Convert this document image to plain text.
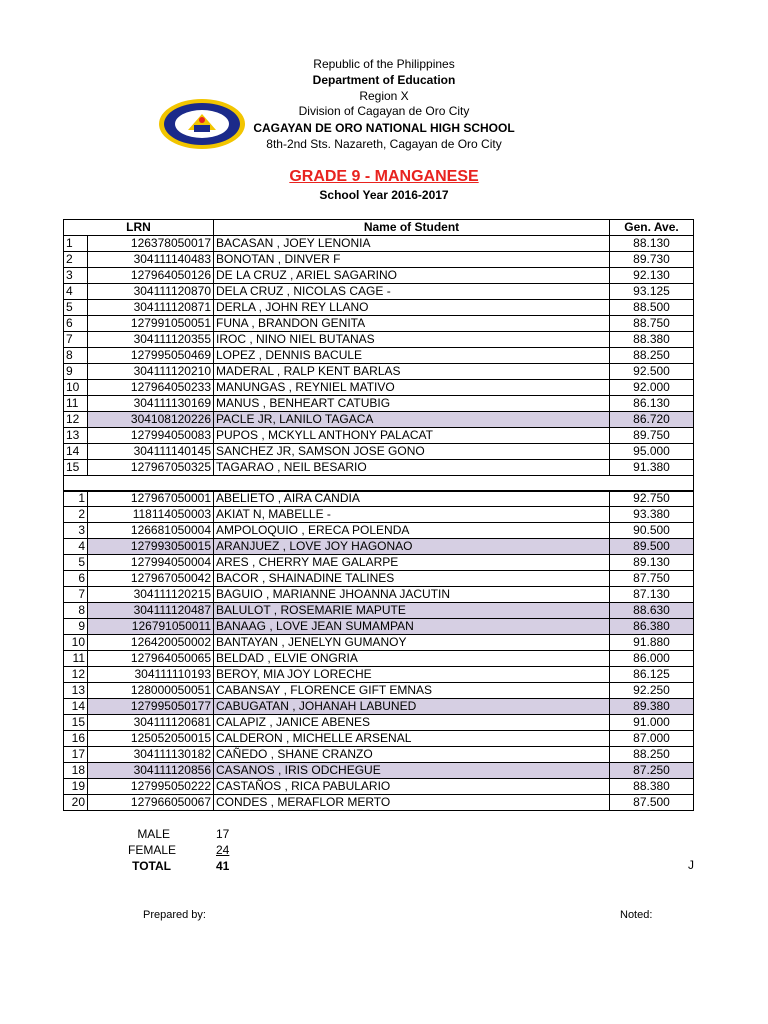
Republic of the Philippines
Department of Education
Region X
Division of Cagayan de Oro City
CAGAYAN DE ORO NATIONAL HIGH SCHOOL
8th-2nd Sts. Nazareth, Cagayan de Oro City
GRADE 9 - MANGANESE
School Year 2016-2017
LRN		Name of Student	Gen. Ave.
1	126378050017	BACASAN , JOEY LENONIA	88.130
2	304111140483	BONOTAN , DINVER F	89.730
3	127964050126	DE LA CRUZ , ARIEL SAGARINO	92.130
4	304111120870	DELA CRUZ , NICOLAS CAGE -	93.125
5	304111120871	DERLA , JOHN REY LLANO	88.500
6	127991050051	FUNA , BRANDON GENITA	88.750
7	304111120355	IROC , NINO NIEL BUTANAS	88.380
8	127995050469	LOPEZ , DENNIS BACULE	88.250
9	304111120210	MADERAL , RALP KENT BARLAS	92.500
10	127964050233	MANUNGAS , REYNIEL MATIVO	92.000
11	304111130169	MANUS , BENHEART CATUBIG	86.130
12	304108120226	PACLE JR, LANILO TAGACA	86.720
13	127994050083	PUPOS , MCKYLL ANTHONY PALACAT	89.750
14	304111140145	SANCHEZ JR, SAMSON JOSE GONO	95.000
15	127967050325	TAGARAO , NEIL BESARIO	91.380

1	127967050001	ABELIETO , AIRA CANDIA	92.750
2	118114050003	AKIAT N, MABELLE -	93.380
3	126681050004	AMPOLOQUIO , ERECA POLENDA	90.500
4	127993050015	ARANJUEZ , LOVE JOY HAGONAO	89.500
5	127994050004	ARES , CHERRY MAE GALARPE	89.130
6	127967050042	BACOR , SHAINADINE TALINES	87.750
7	304111120215	BAGUIO , MARIANNE JHOANNA JACUTIN	87.130
8	304111120487	BALULOT , ROSEMARIE MAPUTE	88.630
9	126791050011	BANAAG , LOVE JEAN SUMAMPAN	86.380
10	126420050002	BANTAYAN , JENELYN GUMANOY	91.880
11	127964050065	BELDAD , ELVIE ONGRIA	86.000
12	304111110193	BEROY, MIA JOY LORECHE	86.125
13	128000050051	CABANSAY , FLORENCE GIFT EMNAS	92.250
14	127995050177	CABUGATAN , JOHANAH LABUNED	89.380
15	304111120681	CALAPIZ , JANICE ABENES	91.000
16	125052050015	CALDERON , MICHELLE ARSENAL	87.000
17	304111130182	CAÑEDO , SHANE CRANZO	88.250
18	304111120856	CASANOS , IRIS ODCHEGUE	87.250
19	127995050222	CASTAÑOS , RICA PABULARIO	88.380
20	127966050067	CONDES , MERAFLOR MERTO	87.500
MALE	17
FEMALE	24
TOTAL	41	J
Prepared by:	Noted:
